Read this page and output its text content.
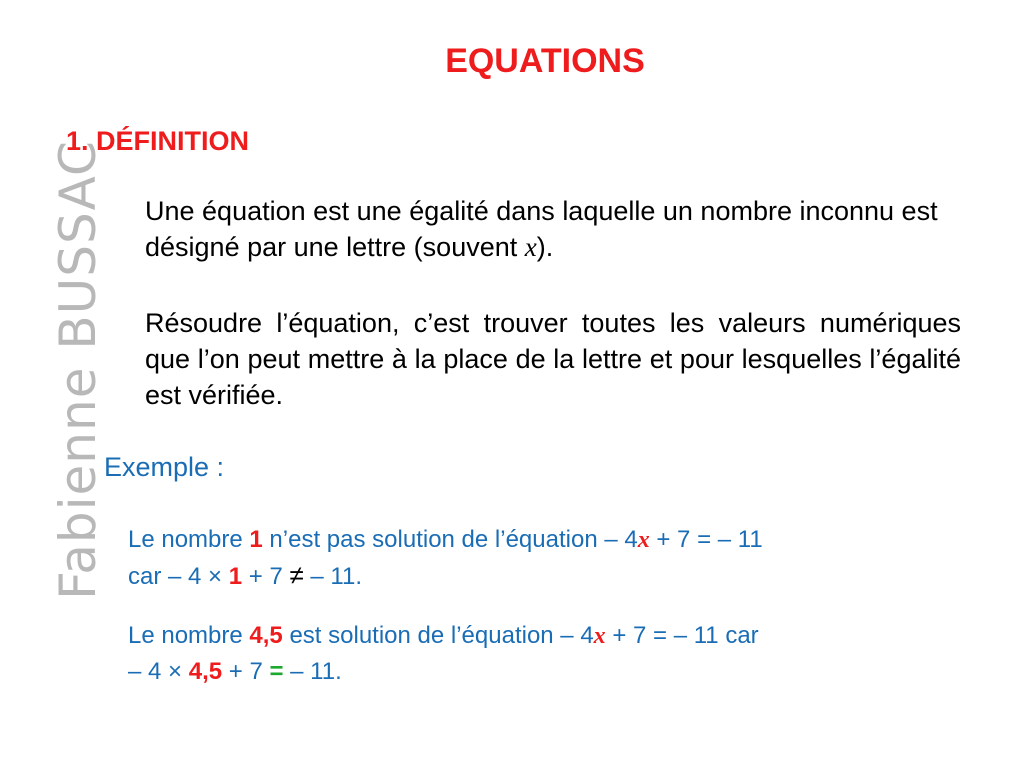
EQUATIONS
1. DÉFINITION
Fabienne BUSSAC Une équation est une égalité dans laquelle un nombre inconnu est désigné par une lettre (souvent x).
Résoudre l’équation, c’est trouver toutes les valeurs numériques que l’on peut mettre à la place de la lettre et pour lesquelles l’égalité est vérifiée.
Exemple :
Le nombre 1 n’est pas solution de l’équation – 4x + 7 = – 11
car – 4 × 1 + 7 ≠ – 11.
Le nombre 4,5 est solution de l’équation – 4x + 7 = – 11 car
– 4 × 4,5 + 7 = – 11.
